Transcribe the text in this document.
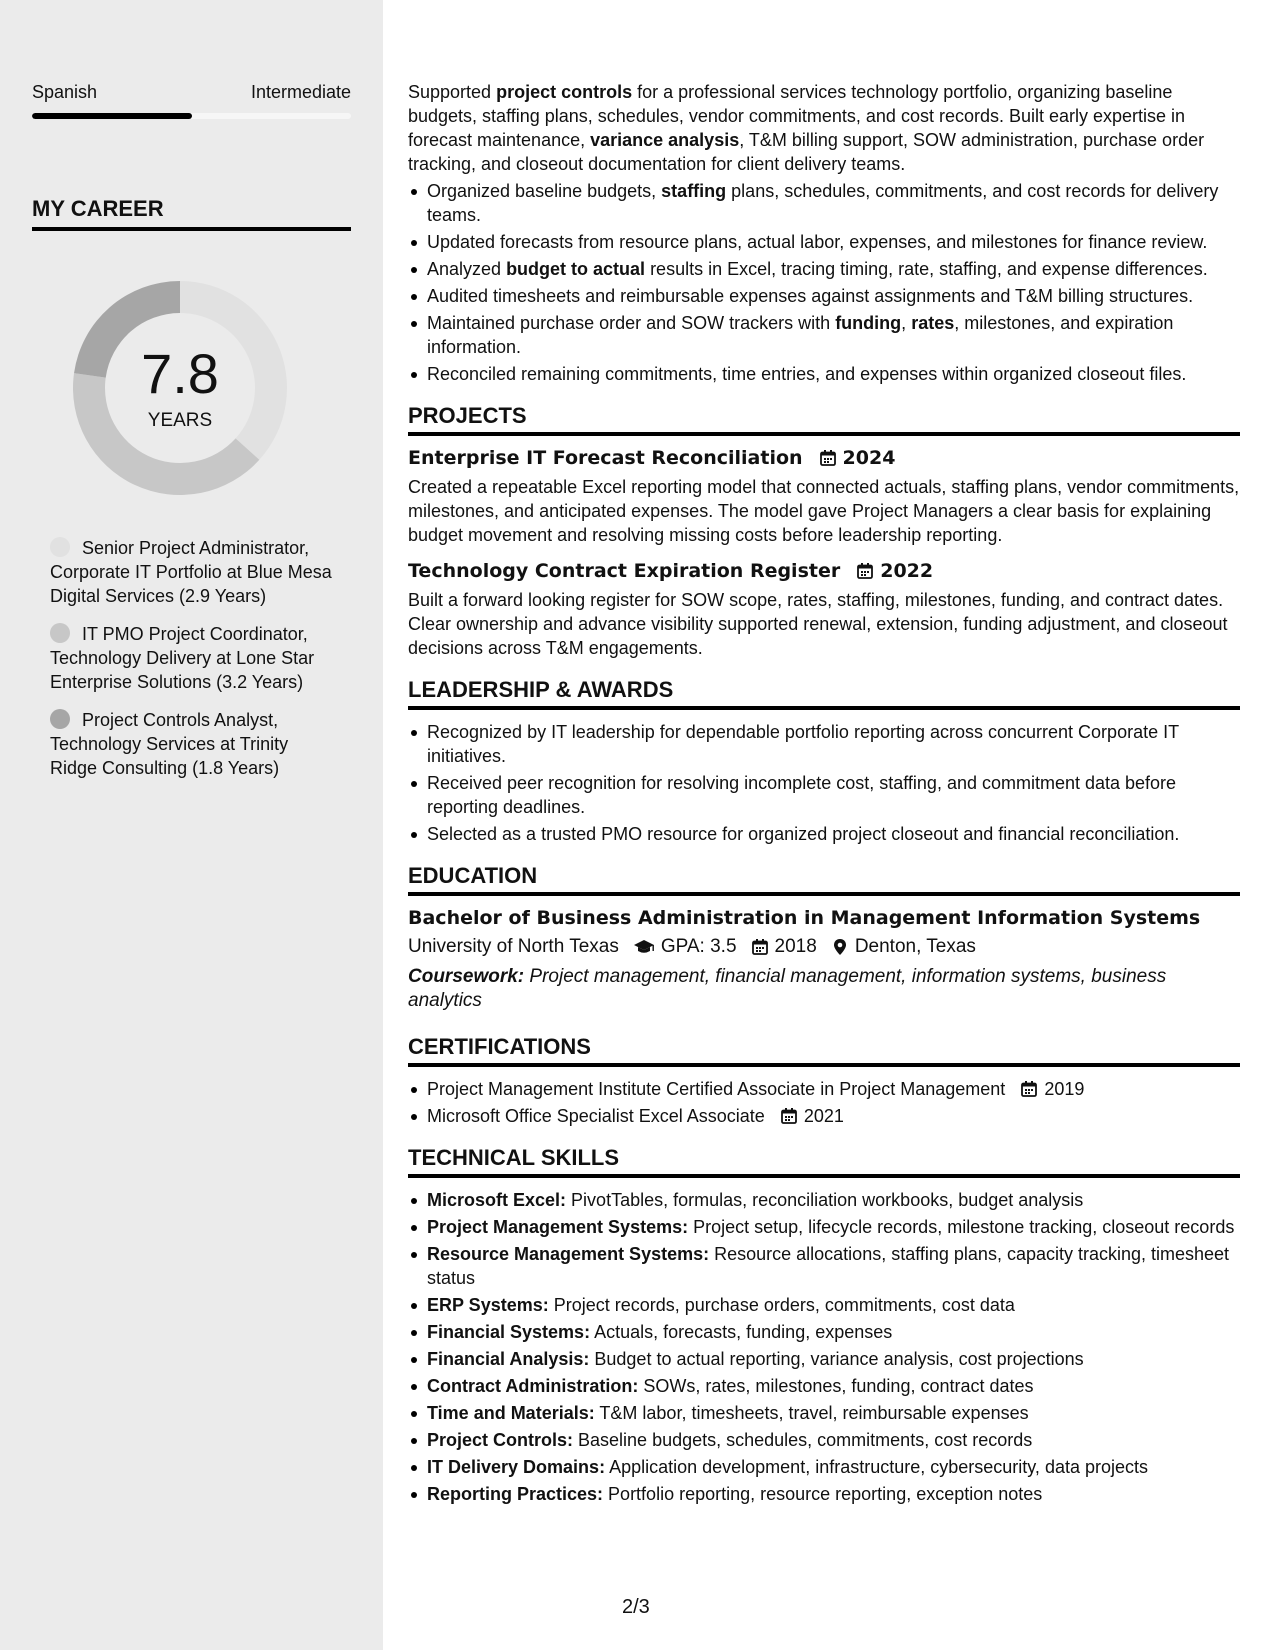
Spanish	Intermediate
MY CAREER
7.8
YEARS
Senior Project Administrator, Corporate IT Portfolio at Blue Mesa Digital Services (2.9 Years)
IT PMO Project Coordinator, Technology Delivery at Lone Star Enterprise Solutions (3.2 Years)
Project Controls Analyst, Technology Services at Trinity Ridge Consulting (1.8 Years)

Supported project controls for a professional services technology portfolio, organizing baseline budgets, staffing plans, schedules, vendor commitments, and cost records. Built early expertise in forecast maintenance, variance analysis, T&M billing support, SOW administration, purchase order tracking, and closeout documentation for client delivery teams.

Organized baseline budgets, staffing plans, schedules, commitments, and cost records for delivery teams.
Updated forecasts from resource plans, actual labor, expenses, and milestones for finance review.
Analyzed budget to actual results in Excel, tracing timing, rate, staffing, and expense differences.
Audited timesheets and reimbursable expenses against assignments and T&M billing structures.
Maintained purchase order and SOW trackers with funding, rates, milestones, and expiration information.
Reconciled remaining commitments, time entries, and expenses within organized closeout files.
PROJECTS
Enterprise IT Forecast Reconciliation 2024

Created a repeatable Excel reporting model that connected actuals, staffing plans, vendor commitments, milestones, and anticipated expenses. The model gave Project Managers a clear basis for explaining budget movement and resolving missing costs before leadership reporting.

Technology Contract Expiration Register 2022

Built a forward looking register for SOW scope, rates, staffing, milestones, funding, and contract dates. Clear ownership and advance visibility supported renewal, extension, funding adjustment, and closeout decisions across T&M engagements.

LEADERSHIP & AWARDS
Recognized by IT leadership for dependable portfolio reporting across concurrent Corporate IT initiatives.
Received peer recognition for resolving incomplete cost, staffing, and commitment data before reporting deadlines.
Selected as a trusted PMO resource for organized project closeout and financial reconciliation.
EDUCATION
Bachelor of Business Administration in Management Information Systems
University of North Texas GPA: 3.5 2018 Denton, Texas

Coursework: Project management, financial management, information systems, business analytics

CERTIFICATIONS
Project Management Institute Certified Associate in Project Management 2019
Microsoft Office Specialist Excel Associate 2021
TECHNICAL SKILLS
Microsoft Excel: PivotTables, formulas, reconciliation workbooks, budget analysis
Project Management Systems: Project setup, lifecycle records, milestone tracking, closeout records
Resource Management Systems: Resource allocations, staffing plans, capacity tracking, timesheet status
ERP Systems: Project records, purchase orders, commitments, cost data
Financial Systems: Actuals, forecasts, funding, expenses
Financial Analysis: Budget to actual reporting, variance analysis, cost projections
Contract Administration: SOWs, rates, milestones, funding, contract dates
Time and Materials: T&M labor, timesheets, travel, reimbursable expenses
Project Controls: Baseline budgets, schedules, commitments, cost records
IT Delivery Domains: Application development, infrastructure, cybersecurity, data projects
Reporting Practices: Portfolio reporting, resource reporting, exception notes
2/3
